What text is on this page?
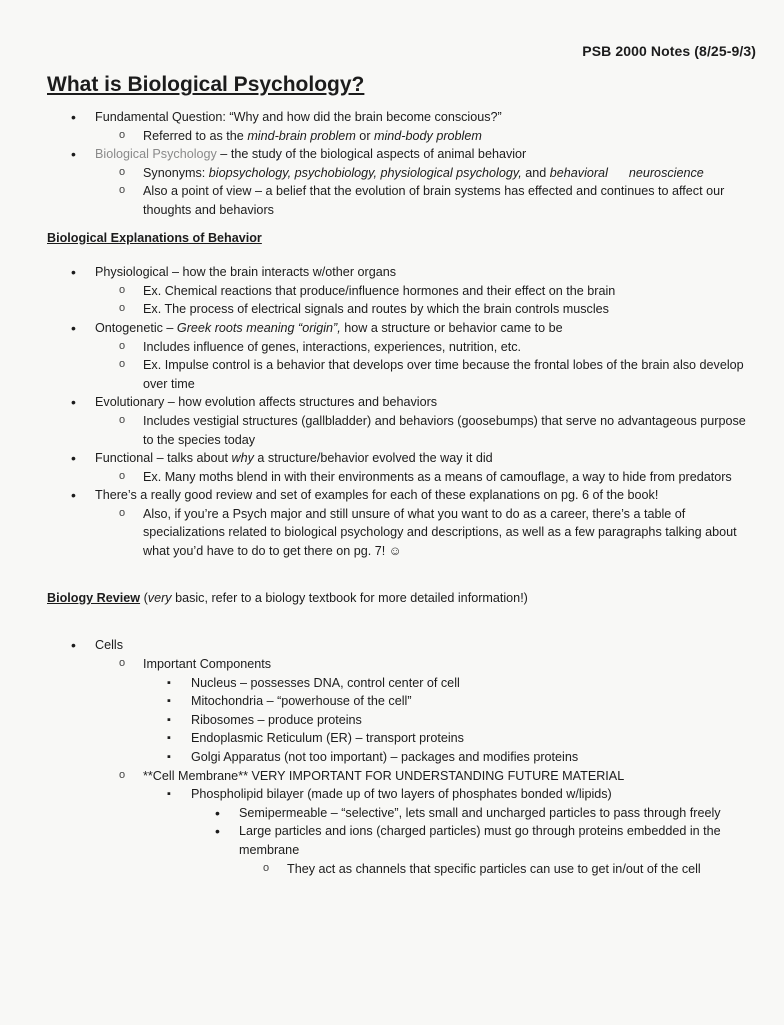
PSB 2000 Notes (8/25-9/3)
What is Biological Psychology?
• Fundamental Question: “Why and how did the brain become conscious?”
o Referred to as the mind-brain problem or mind-body problem
• Biological Psychology – the study of the biological aspects of animal behavior
o Synonyms: biopsychology, psychobiology, physiological psychology, and behavioral      neuroscience
o Also a point of view – a belief that the evolution of brain systems has effected and continues to affect our thoughts and behaviors

Biological Explanations of Behavior

• Physiological – how the brain interacts w/other organs
o Ex. Chemical reactions that produce/influence hormones and their effect on the brain
o Ex. The process of electrical signals and routes by which the brain controls muscles
• Ontogenetic – Greek roots meaning “origin”, how a structure or behavior came to be
o Includes influence of genes, interactions, experiences, nutrition, etc.
o Ex. Impulse control is a behavior that develops over time because the frontal lobes of the brain also develop over time
• Evolutionary – how evolution affects structures and behaviors
o Includes vestigial structures (gallbladder) and behaviors (goosebumps) that serve no advantageous purpose to the species today
• Functional – talks about why a structure/behavior evolved the way it did
o Ex. Many moths blend in with their environments as a means of camouflage, a way to hide from predators
• There’s a really good review and set of examples for each of these explanations on pg. 6 of the book!
o Also, if you’re a Psych major and still unsure of what you want to do as a career, there’s a table of specializations related to biological psychology and descriptions, as well as a few paragraphs talking about what you’d have to do to get there on pg. 7! ☺

Biology Review (very basic, refer to a biology textbook for more detailed information!)

• Cells
o Important Components
▪ Nucleus – possesses DNA, control center of cell
▪ Mitochondria – “powerhouse of the cell”
▪ Ribosomes – produce proteins
▪ Endoplasmic Reticulum (ER) – transport proteins
▪ Golgi Apparatus (not too important) – packages and modifies proteins
o **Cell Membrane** VERY IMPORTANT FOR UNDERSTANDING FUTURE MATERIAL
▪ Phospholipid bilayer (made up of two layers of phosphates bonded w/lipids)
• Semipermeable – “selective”, lets small and uncharged particles to pass through freely
• Large particles and ions (charged particles) must go through proteins embedded in the membrane
o They act as channels that specific particles can use to get in/out of the cell
